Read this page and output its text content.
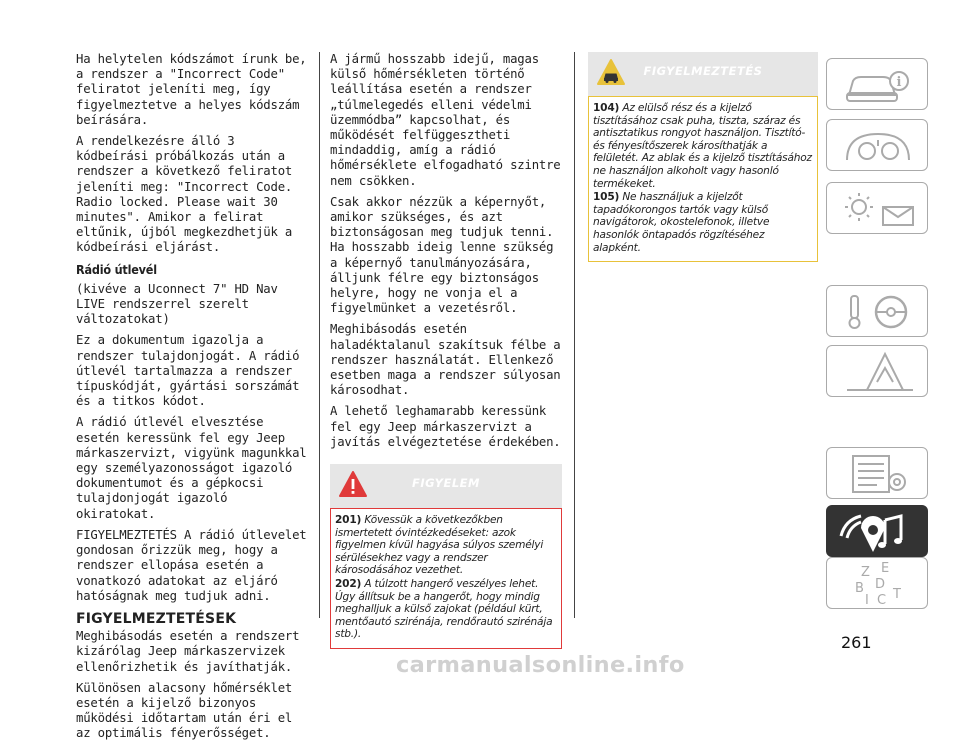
Ha helytelen kódszámot írunk be, a rendszer a "Incorrect Code" feliratot jeleníti meg, így figyelmeztetve a helyes kódszám beírására.

A rendelkezésre álló 3 kódbeírási próbálkozás után a rendszer a következő feliratot jeleníti meg: "Incorrect Code. Radio locked. Please wait 30 minutes". Amikor a felirat eltűnik, újból megkezdhetjük a kódbeírási eljárást.

Rádió útlevél

(kivéve a Uconnect 7" HD Nav LIVE rendszerrel szerelt változatokat)

Ez a dokumentum igazolja a rendszer tulajdonjogát. A rádió útlevél tartalmazza a rendszer típuskódját, gyártási sorszámát és a titkos kódot.

A rádió útlevél elvesztése esetén keressünk fel egy Jeep márkaszervizt, vigyünk magunkkal egy személyazonosságot igazoló dokumentumot és a gépkocsi tulajdonjogát igazoló okiratokat.

FIGYELMEZTETÉS A rádió útlevelet gondosan őrizzük meg, hogy a rendszer ellopása esetén a vonatkozó adatokat az eljáró hatóságnak meg tudjuk adni.

FIGYELMEZTETÉSEK

Meghibásodás esetén a rendszert kizárólag Jeep márkaszervizek ellenőrizhetik és javíthatják.

Különösen alacsony hőmérséklet esetén a kijelző bizonyos működési időtartam után éri el az optimális fényerősséget.

A jármű hosszabb idejű, magas külső hőmérsékleten történő leállítása esetén a rendszer „túlmelegedés elleni védelmi üzemmódba” kapcsolhat, és működését felfüggesztheti mindaddig, amíg a rádió hőmérséklete elfogadható szintre nem csökken.

Csak akkor nézzük a képernyőt, amikor szükséges, és azt biztonságosan meg tudjuk tenni. Ha hosszabb ideig lenne szükség a képernyő tanulmányozására, álljunk félre egy biztonságos helyre, hogy ne vonja el a figyelmünket a vezetésről.

Meghibásodás esetén haladéktalanul szakítsuk félbe a rendszer használatát. Ellenkező esetben maga a rendszer súlyosan károsodhat.

A lehető leghamarabb keressünk fel egy Jeep márkaszervizt a javítás elvégeztetése érdekében.

FIGYELEM
201) Kövessük a következőkben ismertetett óvintézkedéseket: azok figyelmen kívül hagyása súlyos személyi sérülésekhez vagy a rendszer károsodásához vezethet.
202) A túlzott hangerő veszélyes lehet. Úgy állítsuk be a hangerőt, hogy mindig meghalljuk a külső zajokat (például kürt, mentőautó szirénája, rendőrautó szirénája stb.).
FIGYELMEZTETÉS
104) Az elülső rész és a kijelző tisztításához csak puha, tiszta, száraz és antisztatikus rongyot használjon. Tisztító- és fényesítőszerek károsíthatják a felületét. Az ablak és a kijelző tisztításához ne használjon alkoholt vagy hasonló termékeket.
105) Ne használjuk a kijelzőt tapadókorongos tartók vagy külső navigátorok, okostelefonok, illetve hasonlók öntapadós rögzítéséhez alapként.
i
Z E
B D
I C T
261
carmanualsonline.info
